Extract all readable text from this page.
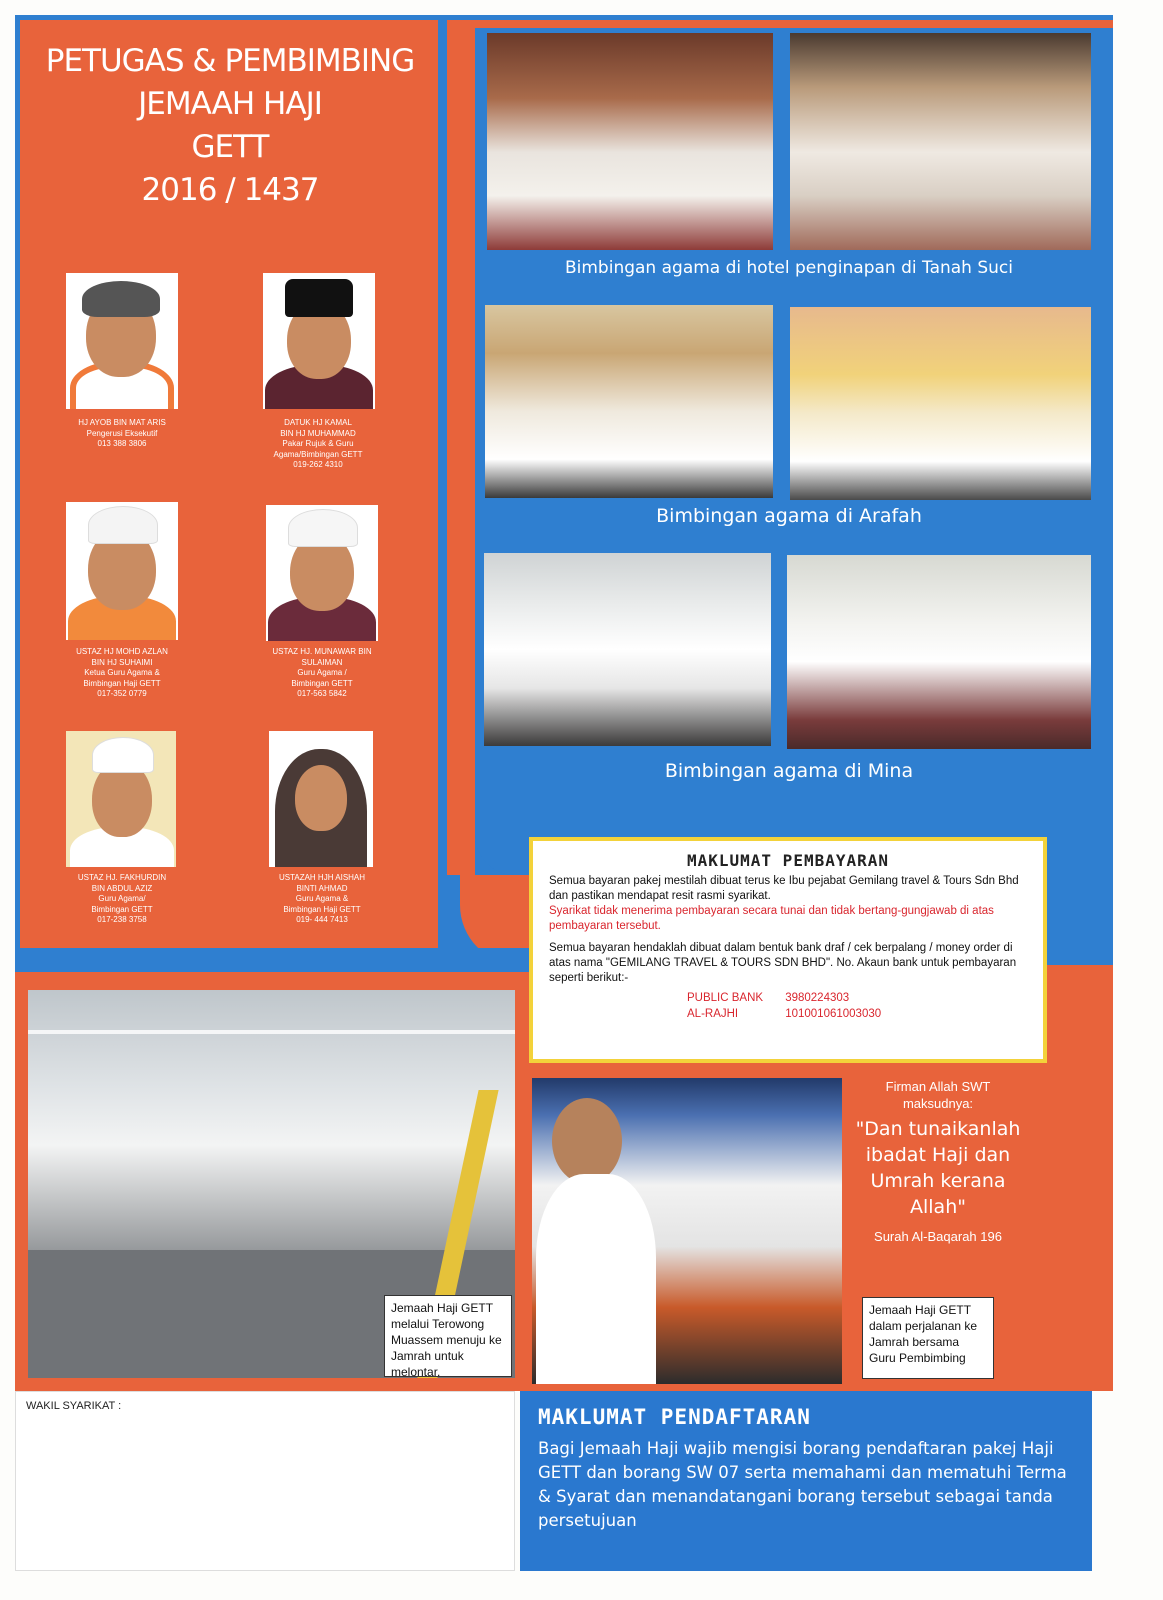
PETUGAS & PEMBIMBING
JEMAAH HAJI
GETT
2016 / 1437
HJ AYOB BIN MAT ARIS
Pengerusi Eksekutif
013 388 3806
DATUK HJ KAMAL
BIN HJ MUHAMMAD
Pakar Rujuk & Guru
Agama/Bimbingan GETT
019-262 4310
USTAZ HJ MOHD AZLAN
BIN HJ SUHAIMI
Ketua Guru Agama &
Bimbingan Haji GETT
017-352 0779
USTAZ HJ. MUNAWAR BIN
SULAIMAN
Guru Agama /
Bimbingan GETT
017-563 5842
USTAZ HJ. FAKHURDIN
BIN ABDUL AZIZ
Guru Agama/
Bimbingan GETT
017-238 3758
USTAZAH HJH AISHAH
BINTI AHMAD
Guru Agama &
Bimbingan Haji GETT
019- 444 7413
Bimbingan agama di hotel penginapan di Tanah Suci
Bimbingan agama di Arafah
Bimbingan agama di Mina
MAKLUMAT PEMBAYARAN
Semua bayaran pakej mestilah dibuat terus ke Ibu pejabat Gemilang travel & Tours Sdn Bhd dan pastikan mendapat resit rasmi syarikat.
Syarikat tidak menerima pembayaran secara tunai dan tidak bertang-gungjawab di atas pembayaran tersebut.
Semua bayaran hendaklah dibuat dalam bentuk bank draf / cek berpalang / money order di atas nama "GEMILANG TRAVEL & TOURS SDN BHD". No. Akaun bank untuk pembayaran seperti berikut:-
PUBLIC BANK 3980224303
AL-RAJHI	101001061003030
Jemaah Haji GETT melalui Terowong Muassem menuju ke Jamrah untuk melontar.
Firman Allah SWT
maksudnya:
"Dan tunaikanlah
ibadat Haji dan
Umrah kerana
Allah"
Surah Al-Baqarah 196
Jemaah Haji GETT dalam perjalanan ke Jamrah bersama Guru Pembimbing
WAKIL SYARIKAT :	MAKLUMAT PENDAFTARAN
Bagi Jemaah Haji wajib mengisi borang pendaftaran pakej Haji GETT dan borang SW 07 serta memahami dan mematuhi Terma & Syarat dan menandatangani borang tersebut sebagai tanda persetujuan
